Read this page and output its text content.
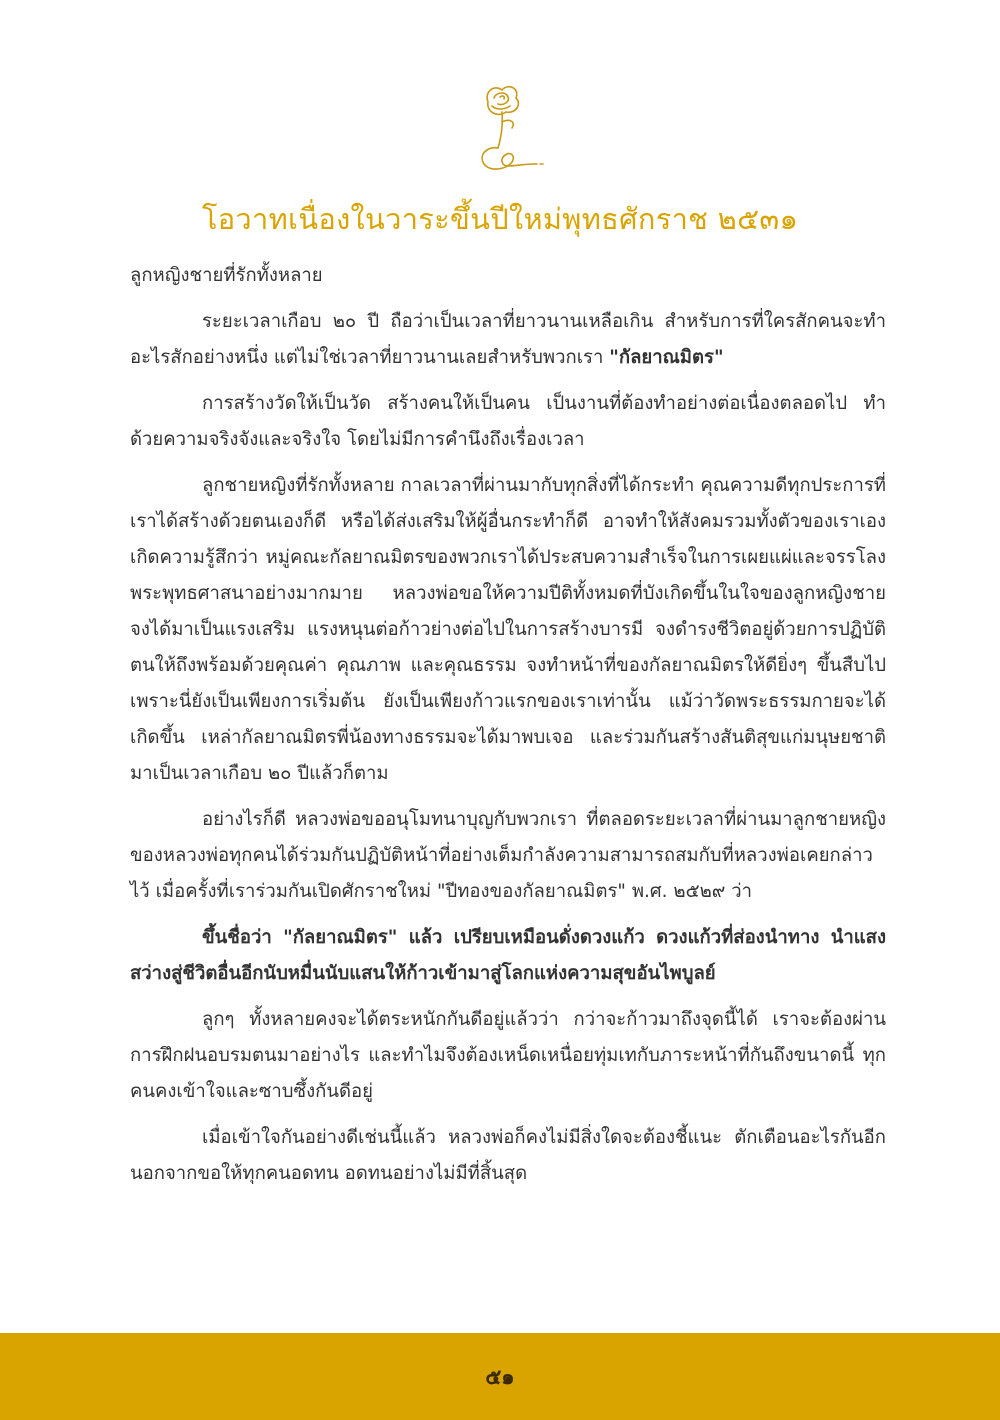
โอวาทเนื่องในวาระขึ้นปีใหม่พุทธศักราช ๒๕๓๑

ลูกหญิงชายที่รักทั้งหลาย

ระยะเวลาเกือบ ๒๐ ปี ถือว่าเป็นเวลาที่ยาวนานเหลือเกิน สำหรับการที่ใครสักคนจะทำอะไรสักอย่างหนึ่ง แต่ไม่ใช่เวลาที่ยาวนานเลยสำหรับพวกเรา "กัลยาณมิตร"

การสร้างวัดให้เป็นวัด สร้างคนให้เป็นคน เป็นงานที่ต้องทำอย่างต่อเนื่องตลอดไป ทำด้วยความจริงจังและจริงใจ โดยไม่มีการคำนึงถึงเรื่องเวลา

ลูกชายหญิงที่รักทั้งหลาย กาลเวลาที่ผ่านมากับทุกสิ่งที่ได้กระทำ คุณความดีทุกประการที่เราได้สร้างด้วยตนเองก็ดี หรือได้ส่งเสริมให้ผู้อื่นกระทำก็ดี อาจทำให้สังคมรวมทั้งตัวของเราเองเกิดความรู้สึกว่า หมู่คณะกัลยาณมิตรของพวกเราได้ประสบความสำเร็จในการเผยแผ่และจรรโลงพระพุทธศาสนาอย่างมากมาย หลวงพ่อขอให้ความปีติทั้งหมดที่บังเกิดขึ้นในใจของลูกหญิงชาย จงได้มาเป็นแรงเสริม แรงหนุนต่อก้าวย่างต่อไปในการสร้างบารมี จงดำรงชีวิตอยู่ด้วยการปฏิบัติตนให้ถึงพร้อมด้วยคุณค่า คุณภาพ และคุณธรรม จงทำหน้าที่ของกัลยาณมิตรให้ดียิ่งๆ ขึ้นสืบไป เพราะนี่ยังเป็นเพียงการเริ่มต้น ยังเป็นเพียงก้าวแรกของเราเท่านั้น แม้ว่าวัดพระธรรมกายจะได้เกิดขึ้น เหล่ากัลยาณมิตรพี่น้องทางธรรมจะได้มาพบเจอ และร่วมกันสร้างสันติสุขแก่มนุษยชาติมาเป็นเวลาเกือบ ๒๐ ปีแล้วก็ตาม

อย่างไรก็ดี หลวงพ่อขออนุโมทนาบุญกับพวกเรา ที่ตลอดระยะเวลาที่ผ่านมาลูกชายหญิงของหลวงพ่อทุกคนได้ร่วมกันปฏิบัติหน้าที่อย่างเต็มกำลังความสามารถสมกับที่หลวงพ่อเคยกล่าวไว้ เมื่อครั้งที่เราร่วมกันเปิดศักราชใหม่ "ปีทองของกัลยาณมิตร" พ.ศ. ๒๕๒๙ ว่า

ขึ้นชื่อว่า "กัลยาณมิตร" แล้ว เปรียบเหมือนดั่งดวงแก้ว ดวงแก้วที่ส่องนำทาง นำแสงสว่างสู่ชีวิตอื่นอีกนับหมื่นนับแสนให้ก้าวเข้ามาสู่โลกแห่งความสุขอันไพบูลย์

ลูกๆ ทั้งหลายคงจะได้ตระหนักกันดีอยู่แล้วว่า กว่าจะก้าวมาถึงจุดนี้ได้ เราจะต้องผ่านการฝึกฝนอบรมตนมาอย่างไร และทำไมจึงต้องเหน็ดเหนื่อยทุ่มเทกับภาระหน้าที่กันถึงขนาดนี้ ทุกคนคงเข้าใจและซาบซึ้งกันดีอยู่

เมื่อเข้าใจกันอย่างดีเช่นนี้แล้ว หลวงพ่อก็คงไม่มีสิ่งใดจะต้องชี้แนะ ตักเตือนอะไรกันอีก นอกจากขอให้ทุกคนอดทน อดทนอย่างไม่มีที่สิ้นสุด

๕๑
